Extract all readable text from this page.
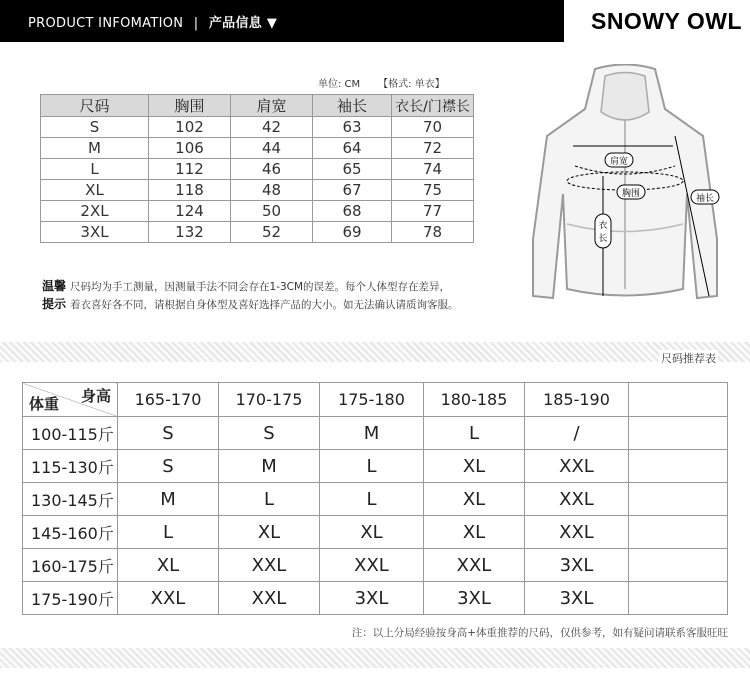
PRODUCT INFOMATION | 产品信息 ▼	SNOWY OWL
单位: CM 【格式: 单衣】
尺码	胸围	肩宽	袖长	衣长/门襟长
S	102	42	63	70
M	106	44	64	72
L	112	46	65	74
XL	118	48	67	75
2XL	124	50	68	77
3XL	132	52	69	78
肩宽
胸围	袖长
衣
长
温馨 尺码均为手工测量，因测量手法不同会存在1-3CM的误差。每个人体型存在差异，
提示 着衣喜好各不同，请根据自身体型及喜好选择产品的大小。如无法确认请质询客服。
尺码推荐表
身高
体重	165-170	170-175	175-180	180-185	185-190	
100-115斤	S	S	M	L	/	
115-130斤	S	M	L	XL	XXL	
130-145斤	M	L	L	XL	XXL	
145-160斤	L	XL	XL	XL	XXL	
160-175斤	XL	XXL	XXL	XXL	3XL	
175-190斤	XXL	XXL	3XL	3XL	3XL	
注：以上分局经验按身高+体重推荐的尺码，仅供参考，如有疑问请联系客服旺旺
